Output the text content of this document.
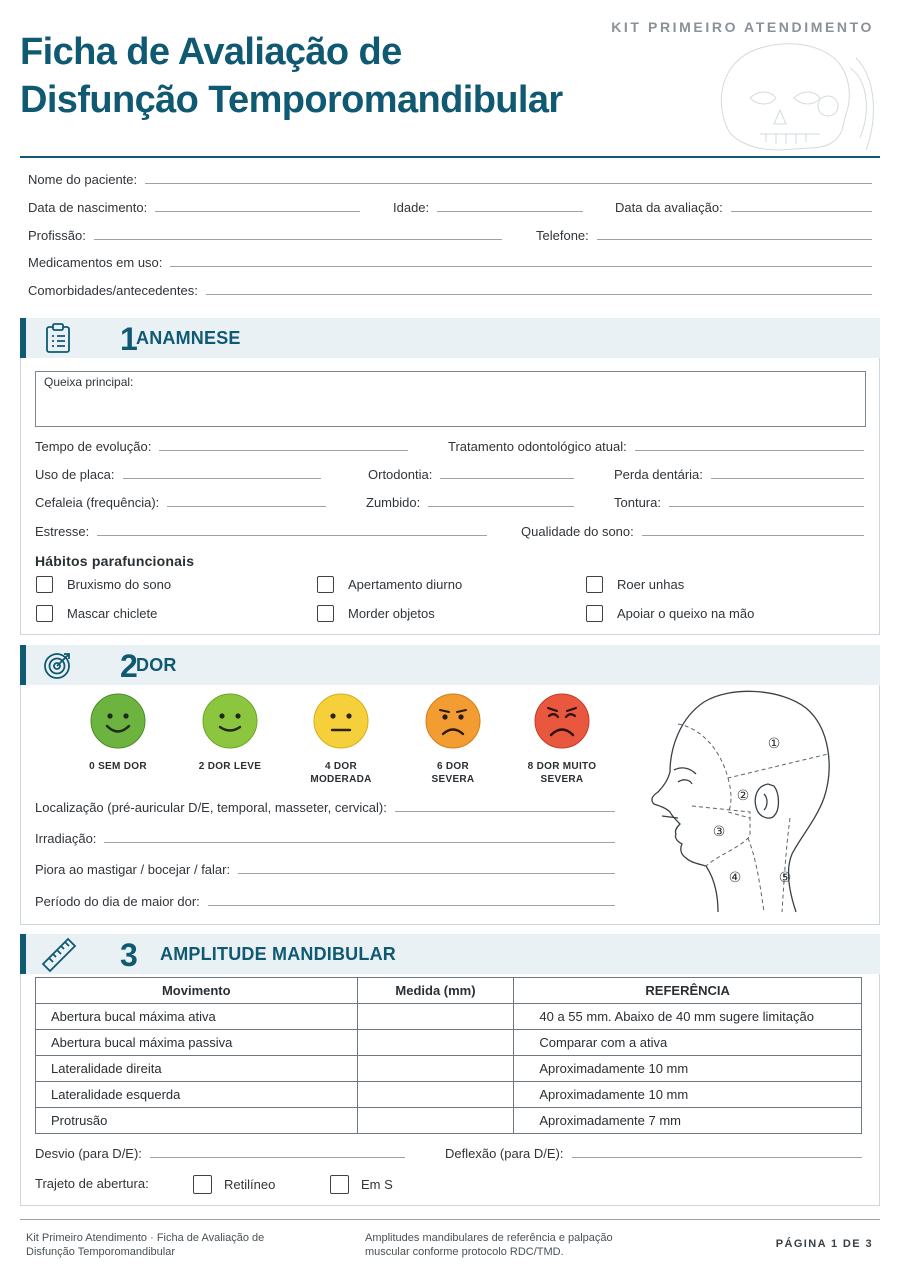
KIT PRIMEIRO ATENDIMENTO
Ficha de Avaliação de
Disfunção Temporomandibular
Nome do paciente:
Data de nascimento:	Idade:	Data da avaliação:
Profissão:	Telefone:
Medicamentos em uso:
Comorbidades/antecedentes:
1
ANAMNESE
Queixa principal:
Tempo de evolução:	Tratamento odontológico atual:
Uso de placa:	Ortodontia:	Perda dentária:
Cefaleia (frequência):	Zumbido:	Tontura:
Estresse:	Qualidade do sono:
Hábitos parafuncionais
Bruxismo do sono	Apertamento diurno	Roer unhas
Mascar chiclete	Morder objetos	Apoiar o queixo na mão
2
DOR
0 SEM DOR	2 DOR LEVE	4 DOR
MODERADA
6 DOR
SEVERA
8 DOR MUITO
SEVERA
Localização (pré-auricular D/E, temporal, masseter, cervical):
Irradiação:
Piora ao mastigar / bocejar / falar:
Período do dia de maior dor:
①
②
③
④	⑤
3 AMPLITUDE MANDIBULAR
Movimento	Medida (mm)	REFERÊNCIA
Abertura bucal máxima ativa		40 a 55 mm. Abaixo de 40 mm sugere limitação
Abertura bucal máxima passiva		Comparar com a ativa
Lateralidade direita		Aproximadamente 10 mm
Lateralidade esquerda		Aproximadamente 10 mm
Protrusão		Aproximadamente 7 mm
Desvio (para D/E):	Deflexão (para D/E):
Trajeto de abertura:	Retilíneo	Em S
Kit Primeiro Atendimento · Ficha de Avaliação de
Disfunção Temporomandibular
Amplitudes mandibulares de referência e palpação
muscular conforme protocolo RDC/TMD.
PÁGINA 1 DE 3
